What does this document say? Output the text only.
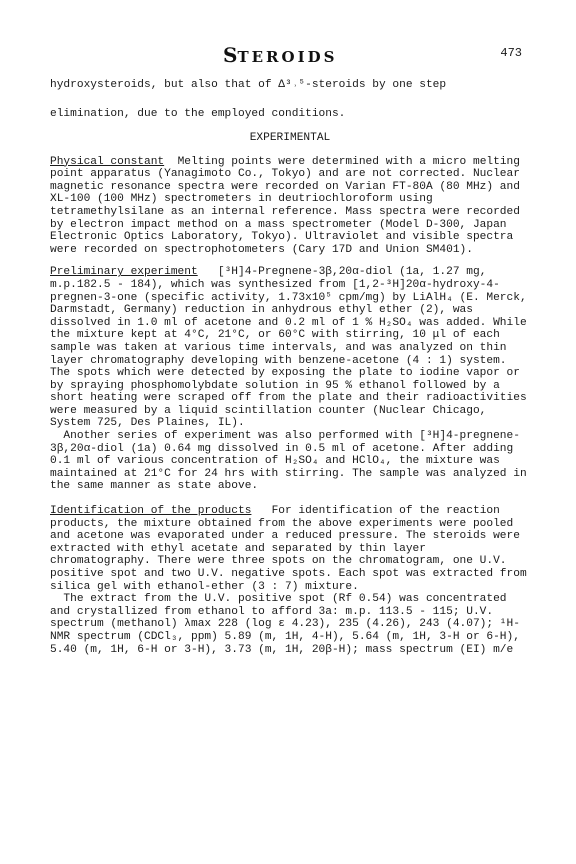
STEROIDS	473

hydroxysteroids, but also that of Δ³˒⁵-steroids by one step

elimination, due to the employed conditions.

EXPERIMENTAL

Physical constant Melting points were determined with a micro melting point apparatus (Yanagimoto Co., Tokyo) and are not corrected. Nuclear magnetic resonance spectra were recorded on Varian FT-80A (80 MHz) and XL-100 (100 MHz) spectrometers in deutriochloroform using tetramethylsilane as an internal reference. Mass spectra were recorded by electron impact method on a mass spectrometer (Model D-300, Japan Electronic Optics Laboratory, Tokyo). Ultraviolet and visible spectra were recorded on spectrophotometers (Cary 17D and Union SM401).

Preliminary experiment [³H]4-Pregnene-3β,20α-diol (1a, 1.27 mg, m.p.182.5 - 184), which was synthesized from [1,2-³H]20α-hydroxy-4-pregnen-3-one (specific activity, 1.73x10⁵ cpm/mg) by LiAlH₄ (E. Merck, Darmstadt, Germany) reduction in anhydrous ethyl ether (2), was dissolved in 1.0 ml of acetone and 0.2 ml of 1 % H₂SO₄ was added. While the mixture kept at 4°C, 21°C, or 60°C with stirring, 10 μl of each sample was taken at various time intervals, and was analyzed on thin layer chromatography developing with benzene-acetone (4 : 1) system. The spots which were detected by exposing the plate to iodine vapor or by spraying phosphomolybdate solution in 95 % ethanol followed by a short heating were scraped off from the plate and their radioactivities were measured by a liquid scintillation counter (Nuclear Chicago, System 725, Des Plaines, IL).

Another series of experiment was also performed with [³H]4-pregnene-3β,20α-diol (1a) 0.64 mg dissolved in 0.5 ml of acetone. After adding 0.1 ml of various concentration of H₂SO₄ and HClO₄, the mixture was maintained at 21°C for 24 hrs with stirring. The sample was analyzed in the same manner as state above.

Identification of the products For identification of the reaction products, the mixture obtained from the above experiments were pooled and acetone was evaporated under a reduced pressure. The steroids were extracted with ethyl acetate and separated by thin layer chromatography. There were three spots on the chromatogram, one U.V. positive spot and two U.V. negative spots. Each spot was extracted from silica gel with ethanol-ether (3 : 7) mixture.

The extract from the U.V. positive spot (Rf 0.54) was concentrated and crystallized from ethanol to afford 3a: m.p. 113.5 - 115; U.V. spectrum (methanol) λmax 228 (log ε 4.23), 235 (4.26), 243 (4.07); ¹H-NMR spectrum (CDCl₃, ppm) 5.89 (m, 1H, 4-H), 5.64 (m, 1H, 3-H or 6-H), 5.40 (m, 1H, 6-H or 3-H), 3.73 (m, 1H, 20β-H); mass spectrum (EI) m/e
